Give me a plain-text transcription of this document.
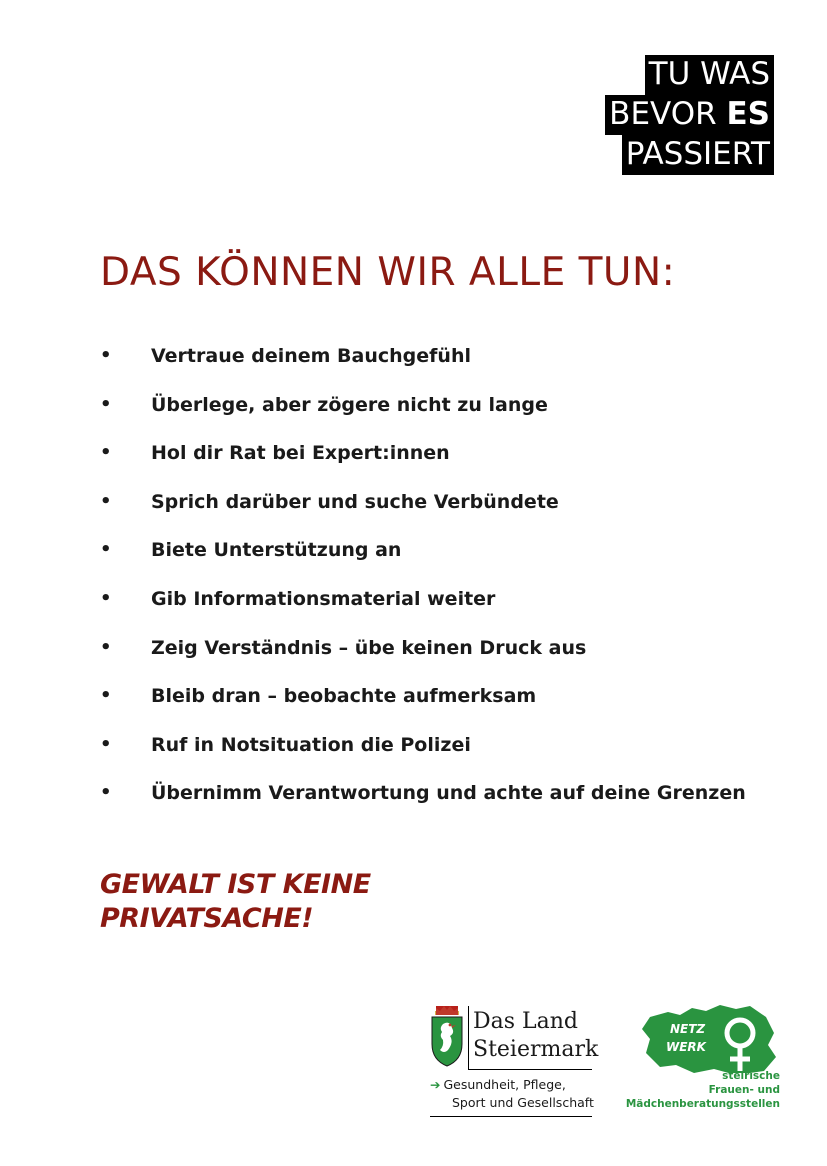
TU WAS
BEVOR ES
PASSIERT
DAS KÖNNEN WIR ALLE TUN:
• Vertraue deinem Bauchgefühl
• Überlege, aber zögere nicht zu lange
• Hol dir Rat bei Expert:innen
• Sprich darüber und suche Verbündete
• Biete Unterstützung an
• Gib Informationsmaterial weiter
• Zeig Verständnis – übe keinen Druck aus
• Bleib dran – beobachte aufmerksam
• Ruf in Notsituation die Polizei
• Übernimm Verantwortung und achte auf deine Grenzen
GEWALT IST KEINE
PRIVATSACHE!
Das Land
Steiermark
➔ Gesundheit, Pflege,
Sport und Gesellschaft
NETZ
WERK
steirische
Frauen- und
Mädchenberatungsstellen
